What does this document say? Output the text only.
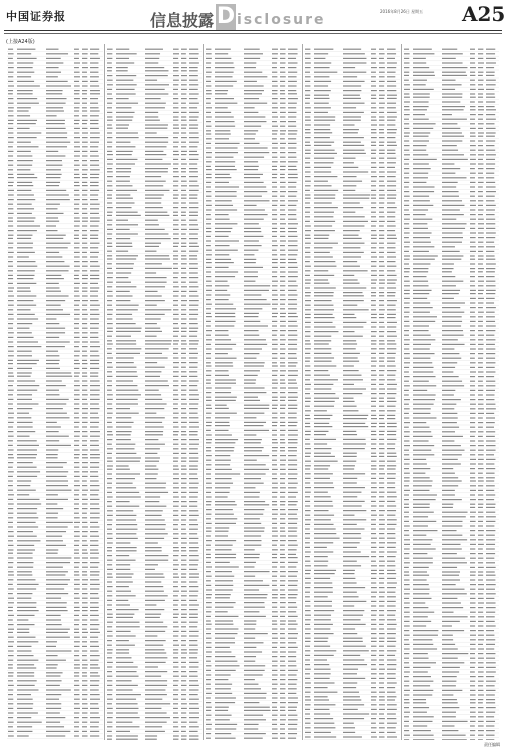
中国证券报	信息披露 D isclosure
2016年8月26日 星期五 A25
(上接A24版)
责任编辑
